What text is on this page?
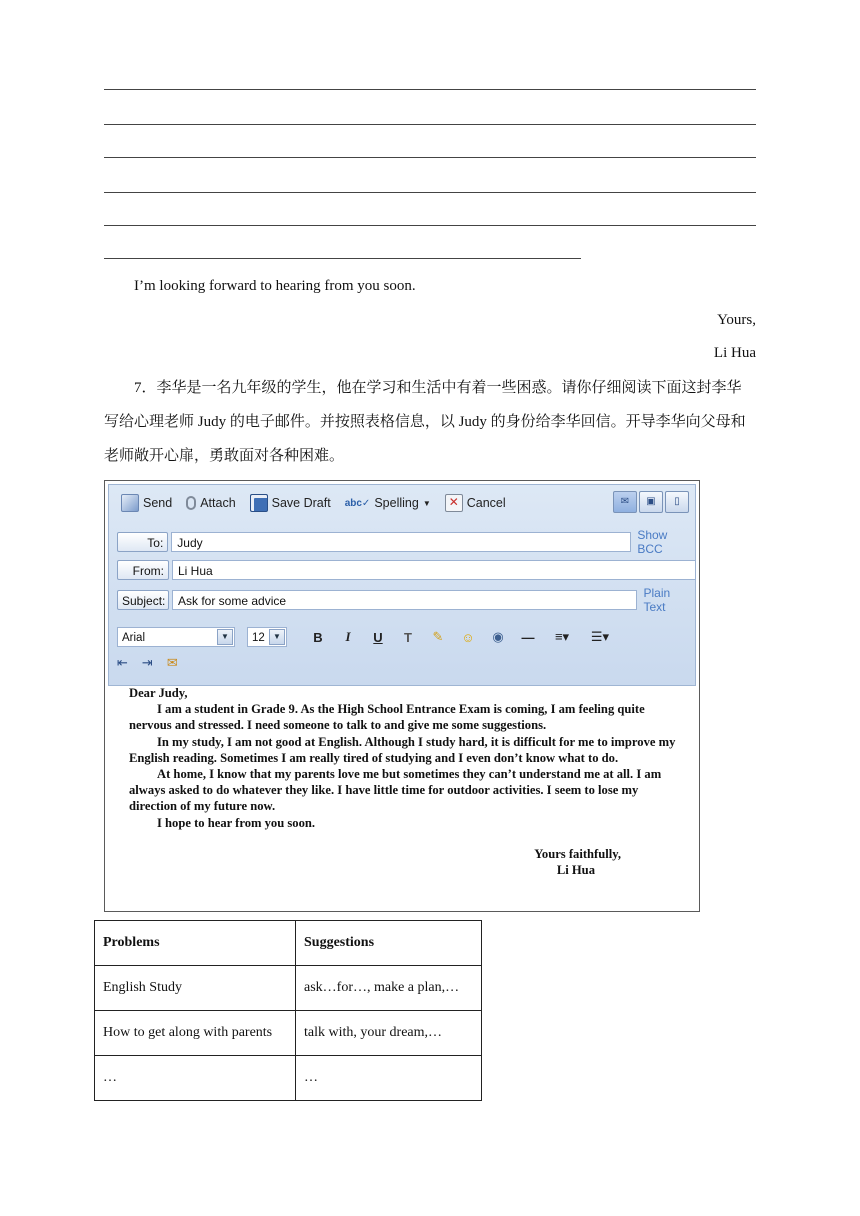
I’m looking forward to hearing from you soon.
Yours,
Li Hua
7．李华是一名九年级的学生，他在学习和生活中有着一些困惑。请你仔细阅读下面这封李华写给心理老师 Judy 的电子邮件。并按照表格信息，以 Judy 的身份给李华回信。开导李华向父母和老师敞开心扉，勇敢面对各种困难。
Send Attach	Save Draft abc✓ Spelling ▼	✕ Cancel	✉	▣	▯
To:	Judy
Show BCC
From:	Li Hua
Subject:	Ask for some advice
Plain Text
Arial	▼	12	▼	B	I	U	T	✎ ☺ ◉ —	≡▾	☰▾
⇤ ⇥ ✉

Dear Judy,

I am a student in Grade 9. As the High School Entrance Exam is coming, I am feeling quite nervous and stressed. I need someone to talk to and give me some suggestions.

In my study, I am not good at English. Although I study hard, it is difficult for me to improve my English reading. Sometimes I am really tired of studying and I even don’t know what to do.

At home, I know that my parents love me but sometimes they can’t understand me at all. I am always asked to do whatever they like. I have little time for outdoor activities. I seem to lose my direction of my future now.

I hope to hear from you soon.

Yours faithfully,

Li Hua

Problems	Suggestions
English Study	ask…for…, make a plan,…
How to get along with parents	talk with, your dream,…
…	…
